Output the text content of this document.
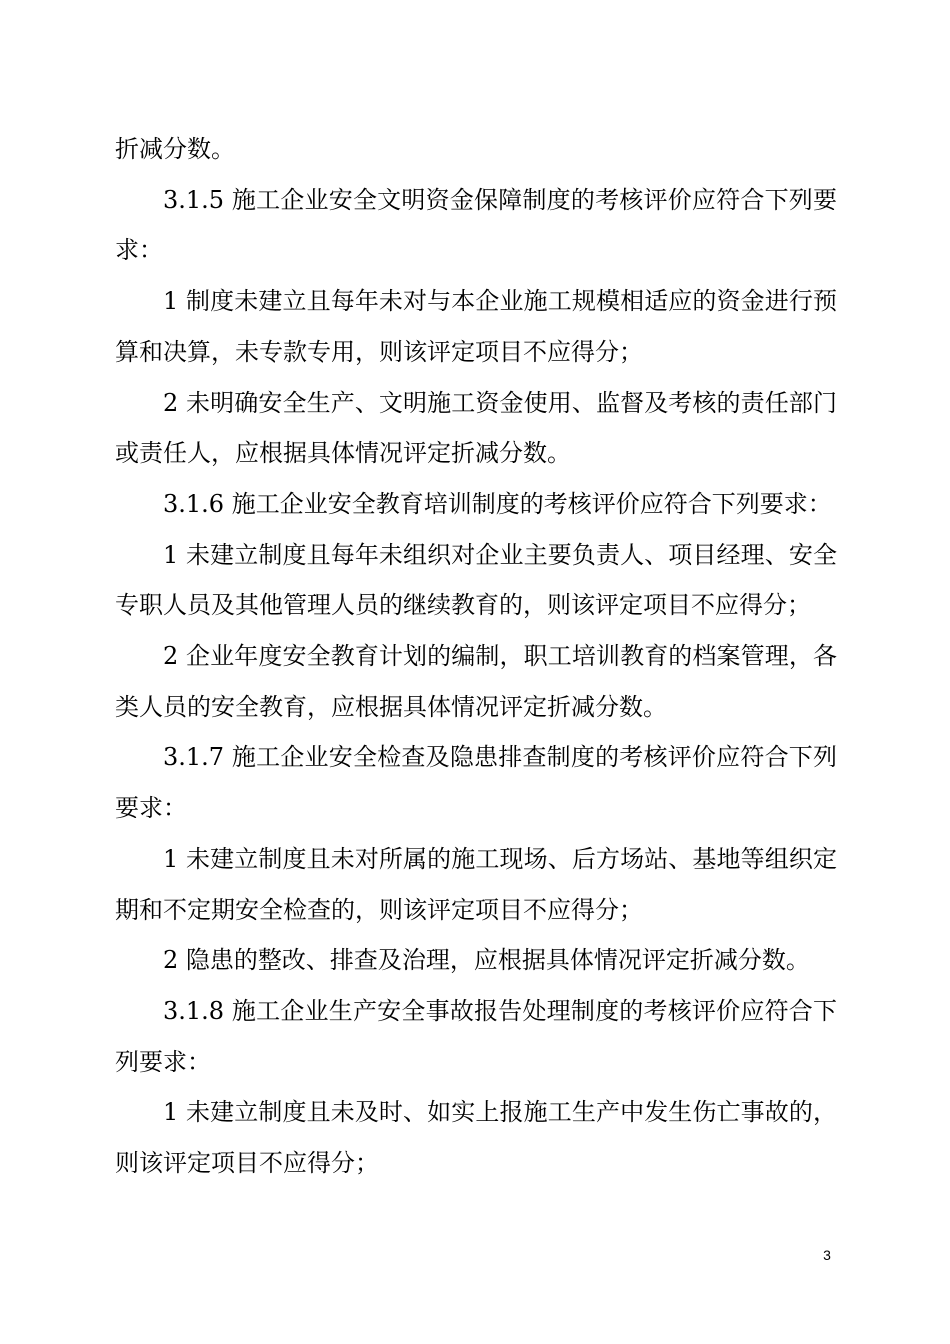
折减分数。

3.1.5 施工企业安全文明资金保障制度的考核评价应符合下列要求：

1 制度未建立且每年未对与本企业施工规模相适应的资金进行预算和决算，未专款专用，则该评定项目不应得分；

2 未明确安全生产、文明施工资金使用、监督及考核的责任部门或责任人，应根据具体情况评定折减分数。

3.1.6 施工企业安全教育培训制度的考核评价应符合下列要求：

1 未建立制度且每年未组织对企业主要负责人、项目经理、安全专职人员及其他管理人员的继续教育的，则该评定项目不应得分；

2 企业年度安全教育计划的编制，职工培训教育的档案管理，各类人员的安全教育，应根据具体情况评定折减分数。

3.1.7 施工企业安全检查及隐患排查制度的考核评价应符合下列要求：

1 未建立制度且未对所属的施工现场、后方场站、基地等组织定期和不定期安全检查的，则该评定项目不应得分；

2 隐患的整改、排查及治理，应根据具体情况评定折减分数。

3.1.8 施工企业生产安全事故报告处理制度的考核评价应符合下列要求：

1 未建立制度且未及时、如实上报施工生产中发生伤亡事故的，则该评定项目不应得分；

3
